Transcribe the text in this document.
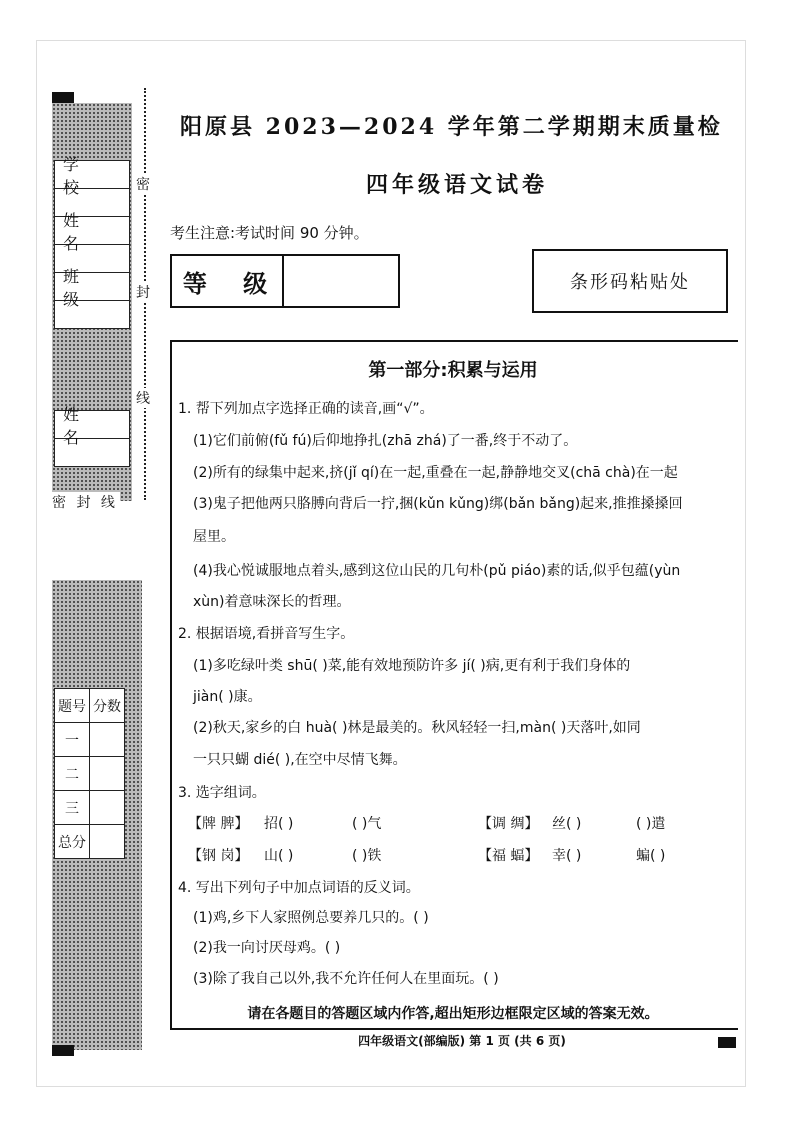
学 校
姓 名
班 级
姓 名
密
封
线
密 封 线
题号	分数
一	
二	
三	
总分	
阳原县 2023—2024 学年第二学期期末质量检
四年级语文试卷
考生注意:考试时间 90 分钟。
等 级	条形码粘贴处
第一部分:积累与运用
1. 帮下列加点字选择正确的读音,画“√”。
(1)它们前俯(fǔ fú)后仰地挣扎(zhā zhá)了一番,终于不动了。
(2)所有的绿集中起来,挤(jǐ qí)在一起,重叠在一起,静静地交叉(chā chà)在一起
(3)鬼子把他两只胳膊向背后一拧,捆(kǔn kǔng)绑(bǎn bǎng)起来,推推搡搡回
屋里。
(4)我心悦诚服地点着头,感到这位山民的几句朴(pǔ piáo)素的话,似乎包蕴(yùn
xùn)着意味深长的哲理。
2. 根据语境,看拼音写生字。
(1)多吃绿叶类 shū( )菜,能有效地预防许多 jí( )病,更有利于我们身体的
jiàn( )康。
(2)秋天,家乡的白 huà( )林是最美的。秋风轻轻一扫,màn( )天落叶,如同
一只只蝴 dié( ),在空中尽情飞舞。
3. 选字组词。
【牌 脾】 招( )	( )气	【调 绸】 丝( )	( )遣
【钢 岗】 山( )	( )铁	【福 蝠】 幸( )	蝙( )
4. 写出下列句子中加点词语的反义词。
(1)鸡,乡下人家照例总要养几只的。( )
(2)我一向讨厌母鸡。( )
(3)除了我自己以外,我不允许任何人在里面玩。( )
请在各题目的答题区域内作答,超出矩形边框限定区域的答案无效。
四年级语文(部编版) 第 1 页 (共 6 页)
